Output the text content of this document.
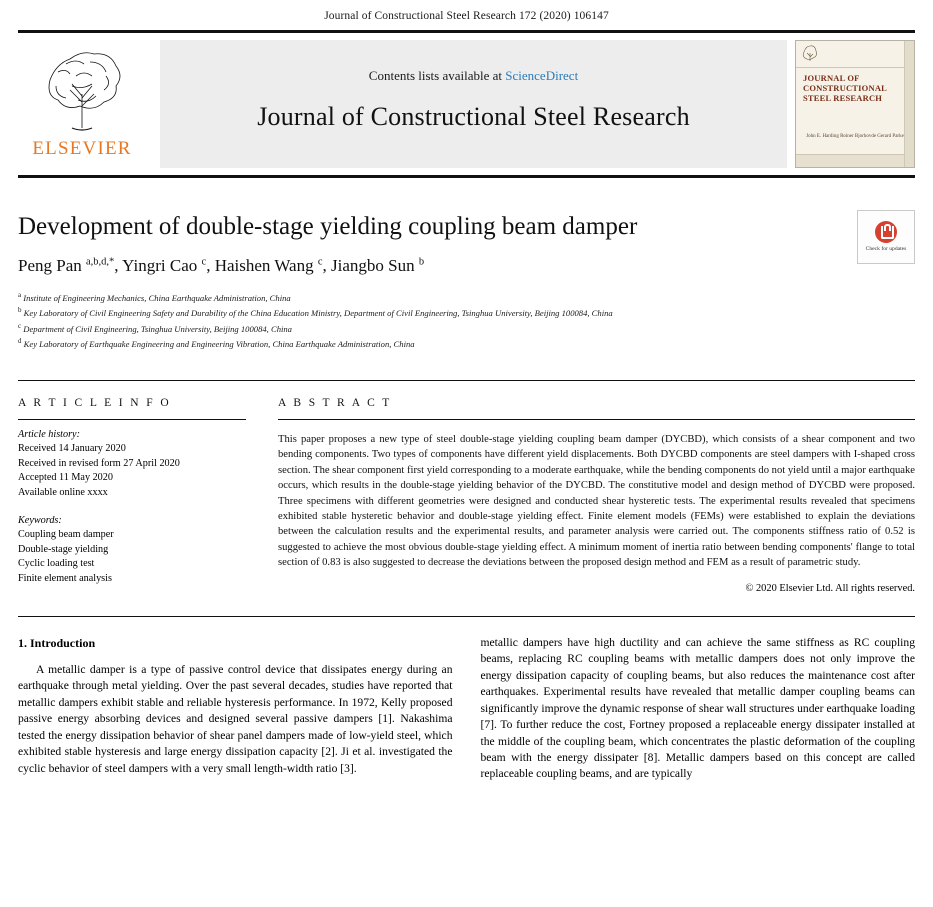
Journal of Constructional Steel Research 172 (2020) 106147
ELSEVIER
Contents lists available at ScienceDirect
Journal of Constructional Steel Research
JOURNAL OF
CONSTRUCTIONAL
STEEL RESEARCH
John E. Harding Roiner Bjorhovde Gerard Parke
Development of double-stage yielding coupling beam damper
Peng Pan $^{a,b,d,*}$, Yingri Cao $^c$, Haishen Wang $^c$, Jiangbo Sun $^b$
$^a$ Institute of Engineering Mechanics, China Earthquake Administration, China
$^b$ Key Laboratory of Civil Engineering Safety and Durability of the China Education Ministry, Department of Civil Engineering, Tsinghua University, Beijing 100084, China
$^c$ Department of Civil Engineering, Tsinghua University, Beijing 100084, China
$^d$ Key Laboratory of Earthquake Engineering and Engineering Vibration, China Earthquake Administration, China
Check for updates
A R T I C L E I N F O
Article history:
Received 14 January 2020
Received in revised form 27 April 2020
Accepted 11 May 2020
Available online xxxx
Keywords:
Coupling beam damper
Double-stage yielding
Cyclic loading test
Finite element analysis
A B S T R A C T
This paper proposes a new type of steel double-stage yielding coupling beam damper (DYCBD), which consists of a shear component and two bending components. Two types of components have different yield displacements. Both DYCBD components are steel dampers with I-shaped cross section. The shear component first yield corresponding to a moderate earthquake, while the bending components do not yield until a major earthquake occurs, which results in the double-stage yielding behavior of the DYCBD. The constitutive model and design method of DYCBD were proposed. Three specimens with different geometries were designed and conducted shear hysteretic tests. The experimental results revealed that specimens exhibited stable hysteretic behavior and double-stage yielding effect. Finite element models (FEMs) were established to explain the deviations between the calculation results and the experimental results, and parameter analysis were carried out. The components stiffness ratio of 0.52 is suggested to achieve the most obvious double-stage yielding effect. A minimum moment of inertia ratio between bending components' flange to total section of 0.83 is also suggested to decrease the deviations between the proposed design method and FEM as a result of parametric study.
© 2020 Elsevier Ltd. All rights reserved.
1. Introduction

A metallic damper is a type of passive control device that dissipates energy during an earthquake through metal yielding. Over the past several decades, studies have reported that metallic dampers exhibit stable and reliable hysteresis performance. In 1972, Kelly proposed passive energy absorbing devices and designed several passive dampers [1]. Nakashima tested the energy dissipation behavior of shear panel dampers made of low-yield steel, which exhibited stable hysteresis and large energy dissipation capacity [2]. Ji et al. investigated the cyclic behavior of steel dampers with a very small length-width ratio [3].

metallic dampers have high ductility and can achieve the same stiffness as RC coupling beams, replacing RC coupling beams with metallic dampers does not only improve the energy dissipation capacity of coupling beams, but also reduces the maintenance cost after earthquakes. Experimental results have revealed that metallic damper coupling beams can significantly improve the dynamic response of shear wall structures under earthquake loading [7]. To further reduce the cost, Fortney proposed a replaceable energy dissipater installed at the middle of the coupling beam, which concentrates the plastic deformation of the coupling beam with the energy dissipater [8]. Metallic dampers based on this concept are called replaceable coupling beams, and are typically
